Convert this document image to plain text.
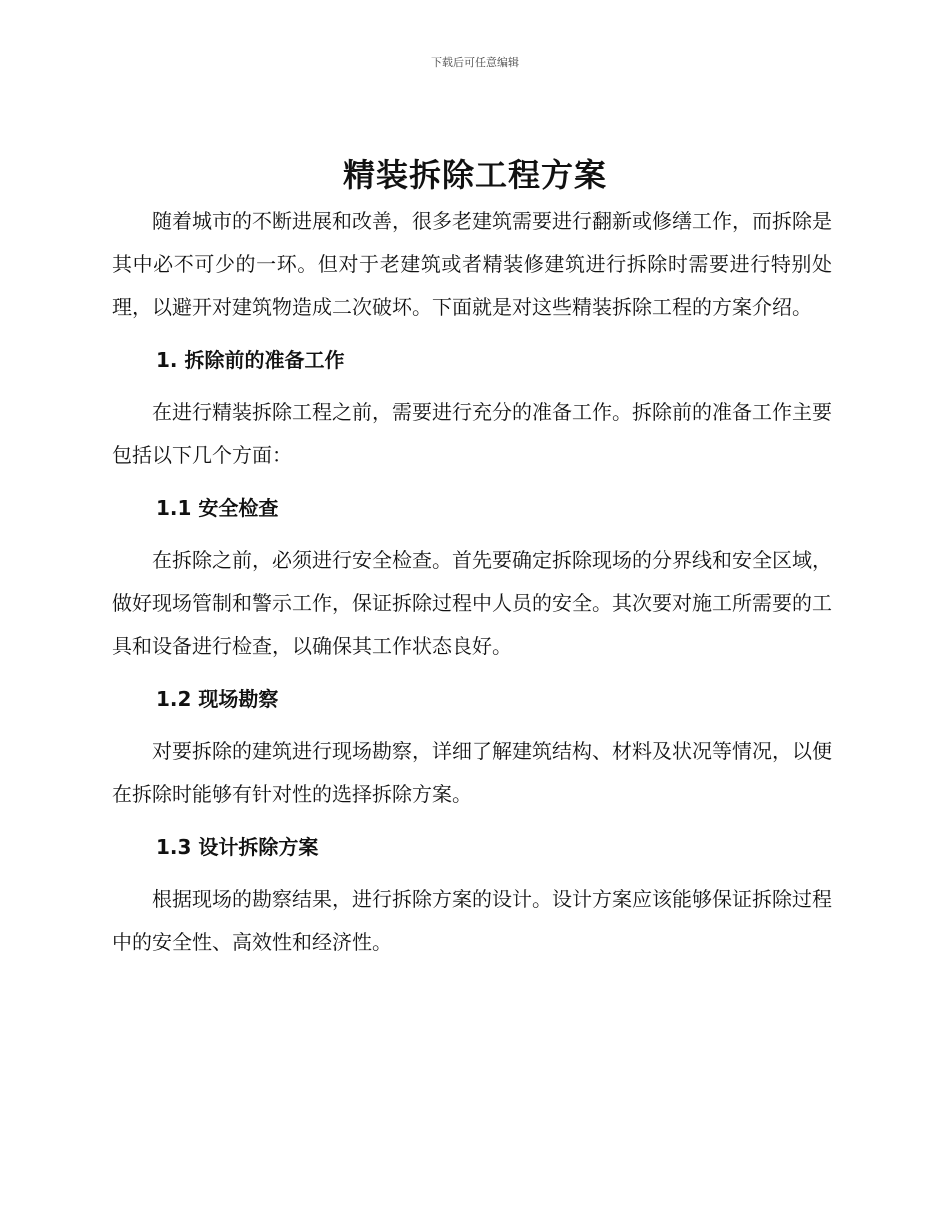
下载后可任意编辑
精装拆除工程方案

随着城市的不断进展和改善，很多老建筑需要进行翻新或修缮工作，而拆除是其中必不可少的一环。但对于老建筑或者精装修建筑进行拆除时需要进行特别处理，以避开对建筑物造成二次破坏。下面就是对这些精装拆除工程的方案介绍。

1. 拆除前的准备工作

在进行精装拆除工程之前，需要进行充分的准备工作。拆除前的准备工作主要包括以下几个方面：

1.1 安全检查

在拆除之前，必须进行安全检查。首先要确定拆除现场的分界线和安全区域，做好现场管制和警示工作，保证拆除过程中人员的安全。其次要对施工所需要的工具和设备进行检查，以确保其工作状态良好。

1.2 现场勘察

对要拆除的建筑进行现场勘察，详细了解建筑结构、材料及状况等情况，以便在拆除时能够有针对性的选择拆除方案。

1.3 设计拆除方案

根据现场的勘察结果，进行拆除方案的设计。设计方案应该能够保证拆除过程中的安全性、高效性和经济性。
